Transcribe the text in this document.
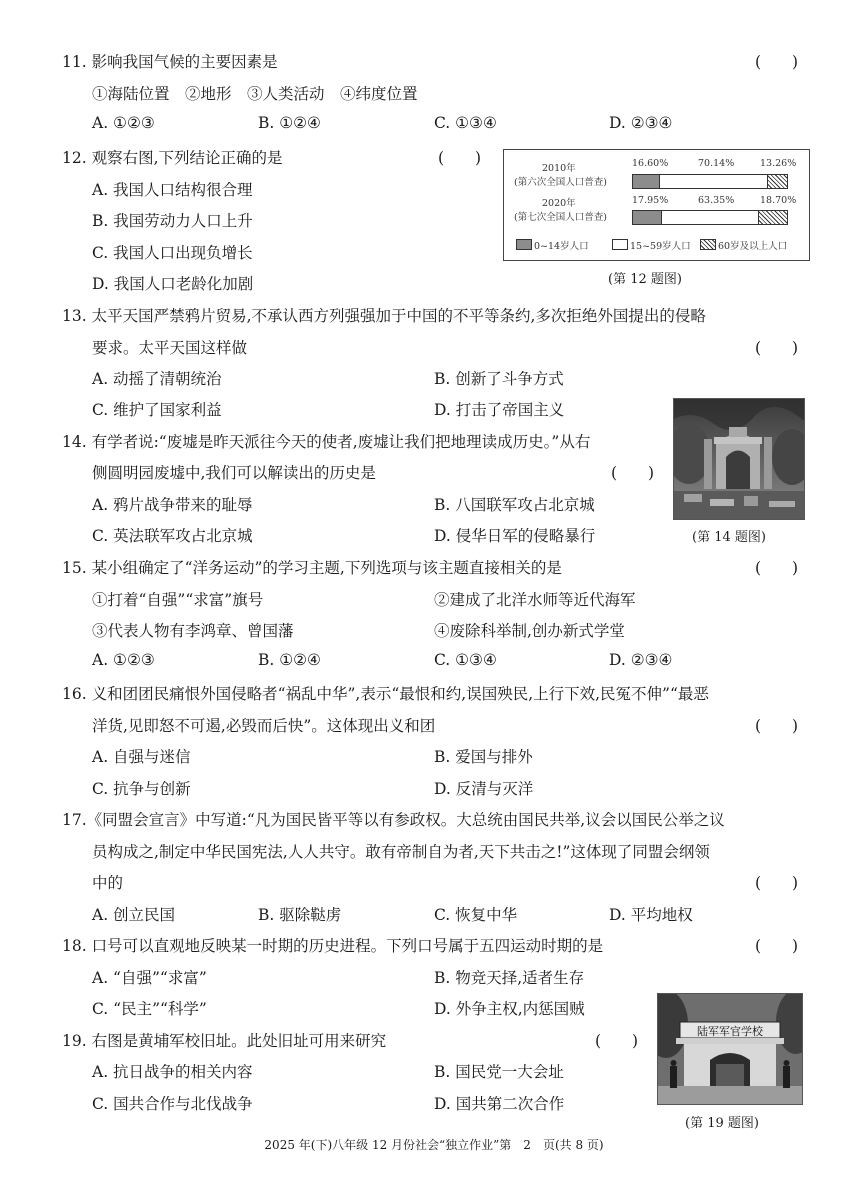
11. 影响我国气候的主要因素是	(　　)
①海陆位置　②地形　③人类活动　④纬度位置
A. ①②③	B. ①②④	C. ①③④	D. ②③④
12. 观察右图,下列结论正确的是	(　　)
A. 我国人口结构很合理
B. 我国劳动力人口上升
C. 我国人口出现负增长
D. 我国人口老龄化加剧
2010年
(第六次全国人口普查)
2020年
(第七次全国人口普查)
16.60%	70.14%	13.26%
17.95%	63.35%	18.70%
0~14岁人口	15~59岁人口	60岁及以上人口
(第 12 题图)
13. 太平天国严禁鸦片贸易,不承认西方列强强加于中国的不平等条约,多次拒绝外国提出的侵略
要求。太平天国这样做	(　　)
A. 动摇了清朝统治	B. 创新了斗争方式
C. 维护了国家利益	D. 打击了帝国主义
14. 有学者说:“废墟是昨天派往今天的使者,废墟让我们把地理读成历史。”从右
侧圆明园废墟中,我们可以解读出的历史是	(　　)
A. 鸦片战争带来的耻辱	B. 八国联军攻占北京城
C. 英法联军攻占北京城	D. 侵华日军的侵略暴行	(第 14 题图)
15. 某小组确定了“洋务运动”的学习主题,下列选项与该主题直接相关的是	(　　)
①打着“自强”“求富”旗号	②建成了北洋水师等近代海军
③代表人物有李鸿章、曾国藩	④废除科举制,创办新式学堂
A. ①②③	B. ①②④	C. ①③④	D. ②③④
16. 义和团团民痛恨外国侵略者“祸乱中华”,表示“最恨和约,误国殃民,上行下效,民冤不伸”“最恶
洋货,见即怒不可遏,必毁而后快”。这体现出义和团	(　　)
A. 自强与迷信	B. 爱国与排外
C. 抗争与创新	D. 反清与灭洋
17.《同盟会宣言》中写道:“凡为国民皆平等以有参政权。大总统由国民共举,议会以国民公举之议
员构成之,制定中华民国宪法,人人共守。敢有帝制自为者,天下共击之!”这体现了同盟会纲领
中的	(　　)
A. 创立民国	B. 驱除鞑虏	C. 恢复中华	D. 平均地权
18. 口号可以直观地反映某一时期的历史进程。下列口号属于五四运动时期的是	(　　)
A. “自强”“求富”	B. 物竞天择,适者生存
C. “民主”“科学”	D. 外争主权,内惩国贼
19. 右图是黄埔军校旧址。此处旧址可用来研究	(　　)
A. 抗日战争的相关内容	B. 国民党一大会址
C. 国共合作与北伐战争	D. 国共第二次合作
陆军军官学校
(第 19 题图)
2025 年(下)八年级 12 月份社会“独立作业”第　2　页(共 8 页)
